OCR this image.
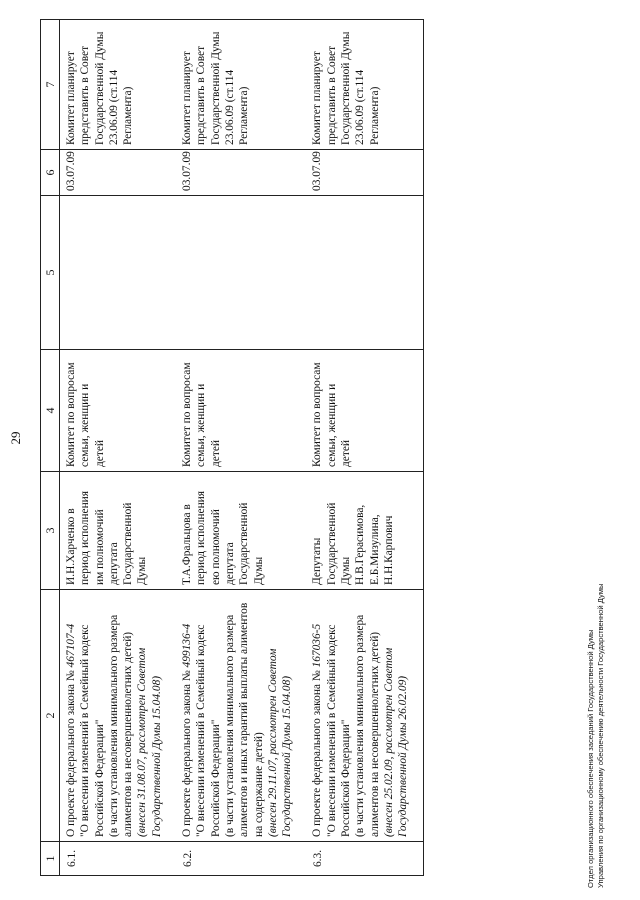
29
1	2	3	4	5	6	7
6.1.	О проекте федерального закона № 467107-4 "О внесении изменений в Семейный кодекс Российской Федерации" (в части установления минимального размера алиментов на несовершеннолетних детей) (внесен 31.08.07, рассмотрен Советом Государственной Думы 15.04.08)	И.Н.Харченко в период исполнения им полномочий депутата Государственной Думы	Комитет по вопросам семьи, женщин и детей		03.07.09	Комитет планирует представить в Совет Государственной Думы 23.06.09 (ст.114 Регламента)
6.2.	О проекте федерального закона № 499136-4 "О внесении изменений в Семейный кодекс Российской Федерации" (в части установления минимального размера алиментов и иных гарантий выплаты алиментов на содержание детей) (внесен 29.11.07, рассмотрен Советом Государственной Думы 15.04.08)	Т.А.Фральцова в период исполнения ею полномочий депутата Государственной Думы	Комитет по вопросам семьи, женщин и детей		03.07.09	Комитет планирует представить в Совет Государственной Думы 23.06.09 (ст.114 Регламента)
6.3.	О проекте федерального закона № 167036-5 "О внесении изменений в Семейный кодекс Российской Федерации" (в части установления минимального размера алиментов на несовершеннолетних детей) (внесен 25.02.09, рассмотрен Советом Государственной Думы 26.02.09)	Депутаты Государственной Думы Н.В.Герасимова, Е.Б.Мизулина, Н.Н.Карпович	Комитет по вопросам семьи, женщин и детей		03.07.09	Комитет планирует представить в Совет Государственной Думы 23.06.09 (ст.114 Регламента)
Отдел организационного обеспечения заседаний Государственной Думы Управления по организационному обеспечению деятельности Государственной Думы
